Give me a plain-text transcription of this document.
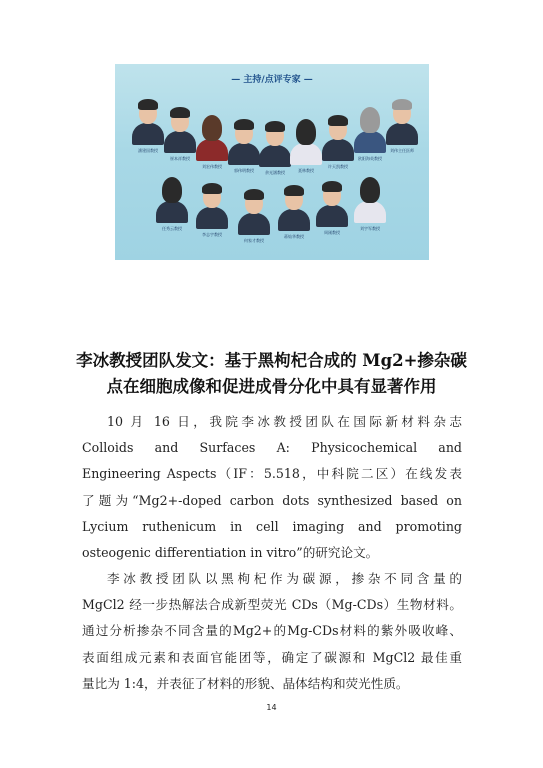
— 主持/点评专家 —
潘建国教授
崔本祥教授
刘宏伟教授
郭伟明教授	余光涵教授	聂林教授
许天凯教授
欧阳海英教授
刘伟主任医师
任秀云教授
李志宇教授
何家才教授
蒋灿华教授
周刚教授
刘宇军教授
李冰教授团队发文：基于黑枸杞合成的 Mg2+掺杂碳
点在细胞成像和促进成骨分化中具有显著作用
10 月 16 日，我院李冰教授团队在国际新材料杂志
Colloids and Surfaces A: Physicochemical and
Engineering Aspects（IF：5.518，中科院二区）在线发表
了题为“Mg2+-doped carbon dots synthesized based on
Lycium ruthenicum in cell imaging and promoting
osteogenic differentiation in vitro”的研究论文。
李冰教授团队以黑枸杞作为碳源，掺杂不同含量的
MgCl2 经一步热解法合成新型荧光 CDs（Mg-CDs）生物材料。
通过分析掺杂不同含量的Mg2+的Mg-CDs材料的紫外吸收峰、
表面组成元素和表面官能团等，确定了碳源和 MgCl2 最佳重
量比为 1:4，并表征了材料的形貌、晶体结构和荧光性质。
14
